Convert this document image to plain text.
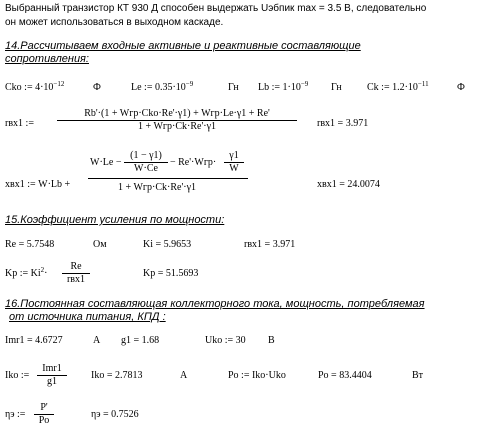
Выбранный транзистор КТ 930 Д способен выдержать Uэбпик max = 3.5 В, следовательно
он может использоваться в выходном каскаде.
14.Рассчитываем входные активные и реактивные составляющие
сопротивления:
Cko := $4\cdot 10^{-12}$	Ф	Le := $0.35\cdot 10^{-9}$	Гн Lb := $1\cdot 10^{-9}$ Гн	Ck := $1.2\cdot 10^{-11}$	Ф
rвх1 :=
Rb'·(1 + Wгр·Cko·Re'·γ1) + Wгр·Le·γ1 + Re'
1 + Wгр·Ck·Re'·γ1	rвх1 = 3.971
xвх1 := W·Lb +
W·Le −
(1 − γ1)
W·Ce
− Re'·Wгр·
γ1
W
1 + Wгр·Ck·Re'·γ1	xвх1 = 24.0074
15.Коэффициент усиления по мощности:
Re = 5.7548	Ом	Ki = 5.9653	rвх1 = 3.971
Kp := $Ki^2\cdot$
Re
rвх1
Kp = 51.5693
16.Постоянная составляющая коллекторного тока, мощность, потребляемая
от источника питания, КПД :
Imr1 = 4.6727	A g1 = 1.68	Uko := 30 B
Iko :=
Imr1
g1
Iko = 2.7813	A	Po := Iko·Uko	Po = 83.4404	Вт
ηэ :=
P'
Po
ηэ = 0.7526
